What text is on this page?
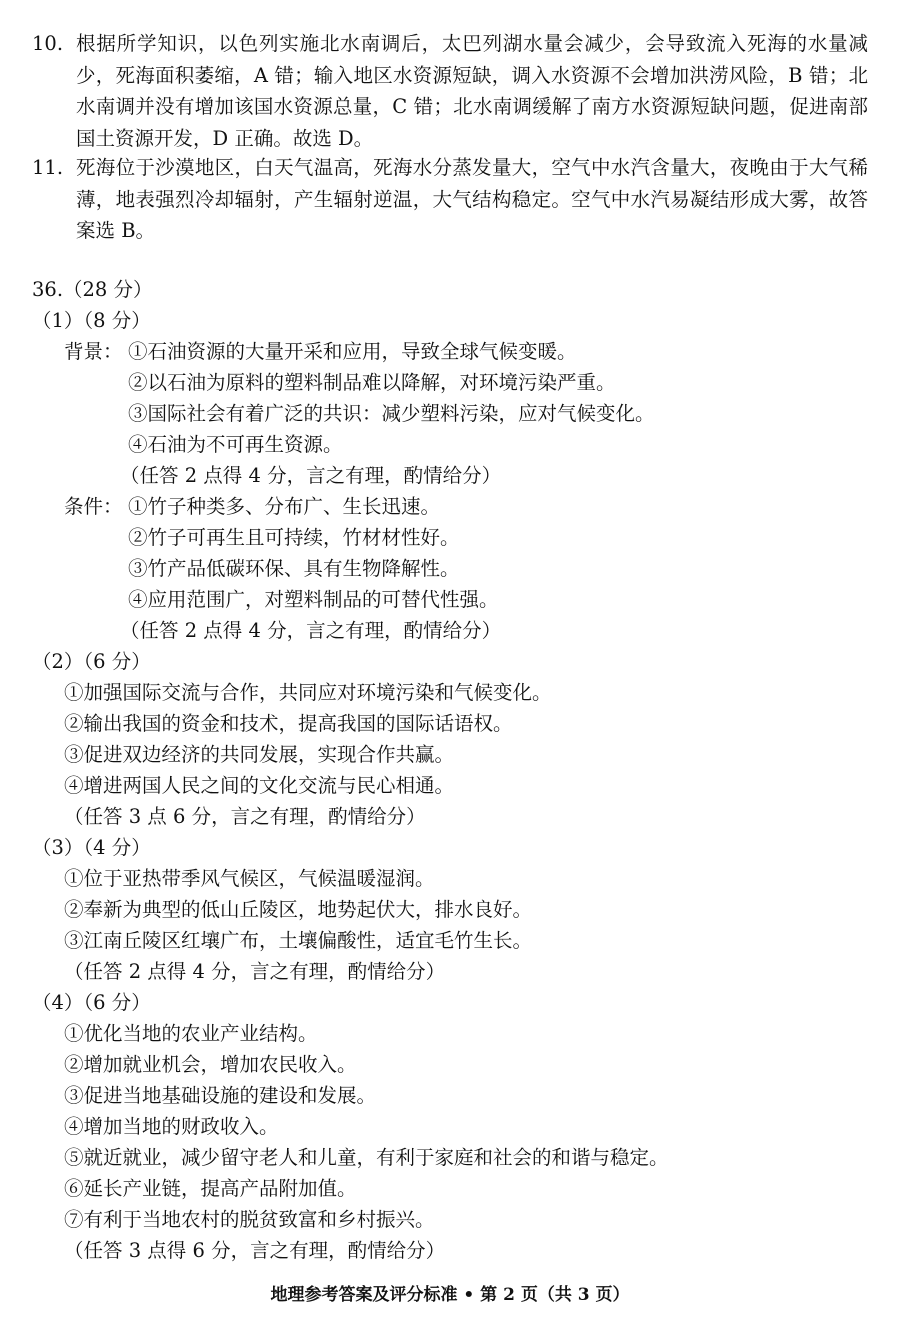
10. 根据所学知识，以色列实施北水南调后，太巴列湖水量会减少，会导致流入死海的水量减少，死海面积萎缩，A 错；输入地区水资源短缺，调入水资源不会增加洪涝风险，B 错；北水南调并没有增加该国水资源总量，C 错；北水南调缓解了南方水资源短缺问题，促进南部国土资源开发，D 正确。故选 D。
11. 死海位于沙漠地区，白天气温高，死海水分蒸发量大，空气中水汽含量大，夜晚由于大气稀薄，地表强烈冷却辐射，产生辐射逆温，大气结构稳定。空气中水汽易凝结形成大雾，故答案选 B。
36.（28 分）
（1）（8 分）
背景： ①石油资源的大量开采和应用，导致全球气候变暖。
②以石油为原料的塑料制品难以降解，对环境污染严重。
③国际社会有着广泛的共识：减少塑料污染，应对气候变化。
④石油为不可再生资源。
（任答 2 点得 4 分，言之有理，酌情给分）
条件： ①竹子种类多、分布广、生长迅速。
②竹子可再生且可持续，竹材材性好。
③竹产品低碳环保、具有生物降解性。
④应用范围广，对塑料制品的可替代性强。
（任答 2 点得 4 分，言之有理，酌情给分）
（2）（6 分）
①加强国际交流与合作，共同应对环境污染和气候变化。
②输出我国的资金和技术，提高我国的国际话语权。
③促进双边经济的共同发展，实现合作共赢。
④增进两国人民之间的文化交流与民心相通。
（任答 3 点 6 分，言之有理，酌情给分）
（3）（4 分）
①位于亚热带季风气候区，气候温暖湿润。
②奉新为典型的低山丘陵区，地势起伏大，排水良好。
③江南丘陵区红壤广布，土壤偏酸性，适宜毛竹生长。
（任答 2 点得 4 分，言之有理，酌情给分）
（4）（6 分）
①优化当地的农业产业结构。
②增加就业机会，增加农民收入。
③促进当地基础设施的建设和发展。
④增加当地的财政收入。
⑤就近就业，减少留守老人和儿童，有利于家庭和社会的和谐与稳定。
⑥延长产业链，提高产品附加值。
⑦有利于当地农村的脱贫致富和乡村振兴。
（任答 3 点得 6 分，言之有理，酌情给分）
地理参考答案及评分标准 • 第 2 页（共 3 页）
